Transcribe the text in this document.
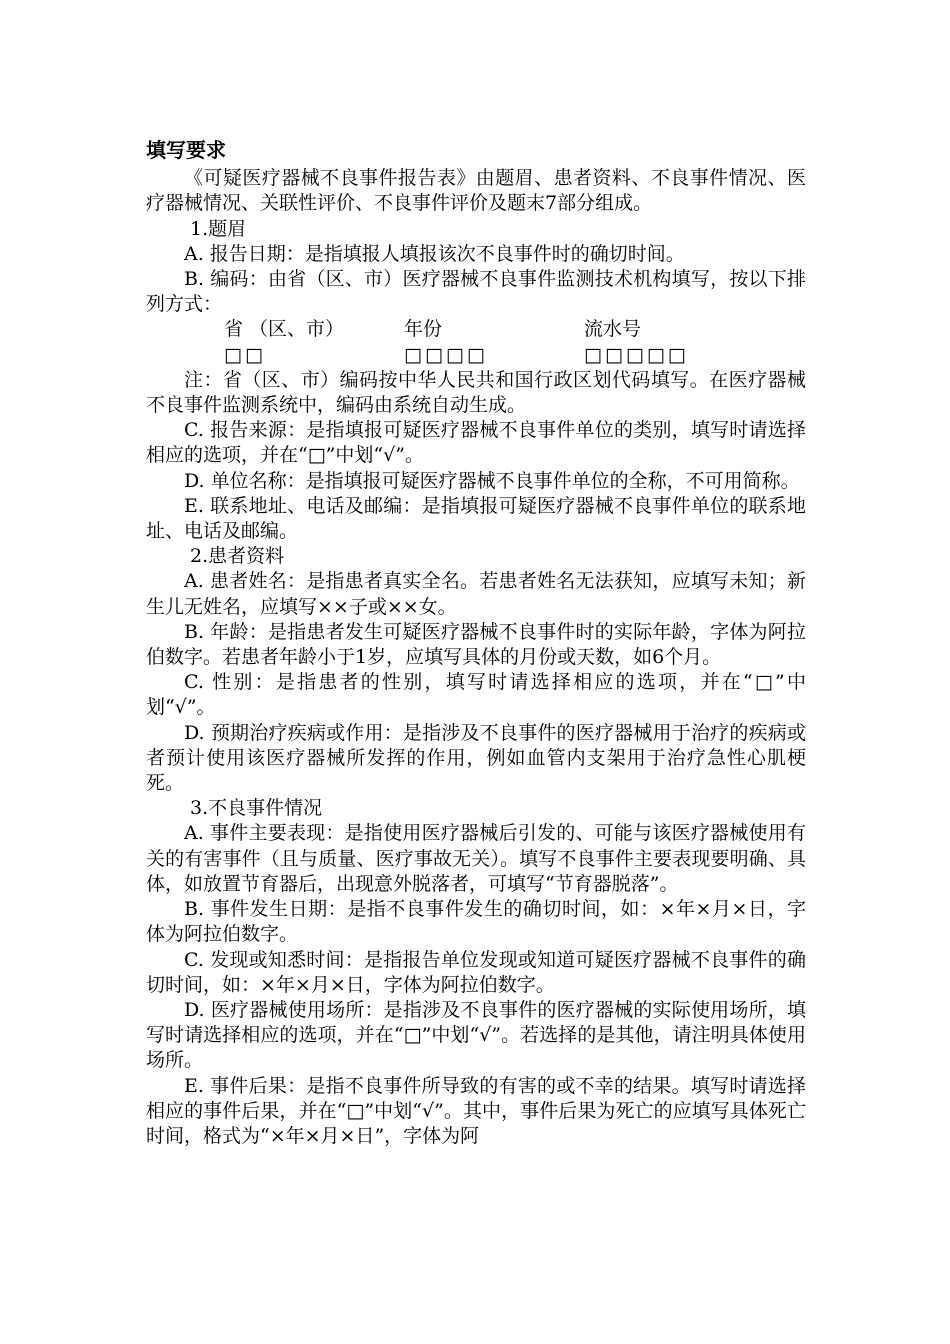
填写要求

《可疑医疗器械不良事件报告表》由题眉、患者资料、不良事件情况、医疗器械情况、关联性评价、不良事件评价及题末7部分组成。

1.题眉

A. 报告日期：是指填报人填报该次不良事件时的确切时间。

B. 编码：由省（区、市）医疗器械不良事件监测技术机构填写，按以下排列方式：

省 （区、市）	年份	流水号
□□	□□□□	□□□□□

注：省（区、市）编码按中华人民共和国行政区划代码填写。在医疗器械不良事件监测系统中，编码由系统自动生成。

C. 报告来源：是指填报可疑医疗器械不良事件单位的类别，填写时请选择相应的选项，并在“□”中划“√”。

D. 单位名称：是指填报可疑医疗器械不良事件单位的全称，不可用简称。

E. 联系地址、电话及邮编：是指填报可疑医疗器械不良事件单位的联系地址、电话及邮编。

2.患者资料

A. 患者姓名：是指患者真实全名。若患者姓名无法获知，应填写未知；新生儿无姓名，应填写××子或××女。

B. 年龄：是指患者发生可疑医疗器械不良事件时的实际年龄，字体为阿拉伯数字。若患者年龄小于1岁，应填写具体的月份或天数，如6个月。

C. 性别：是指患者的性别，填写时请选择相应的选项，并在“□”中划“√”。

D. 预期治疗疾病或作用：是指涉及不良事件的医疗器械用于治疗的疾病或者预计使用该医疗器械所发挥的作用，例如血管内支架用于治疗急性心肌梗死。

3.不良事件情况

A. 事件主要表现：是指使用医疗器械后引发的、可能与该医疗器械使用有关的有害事件（且与质量、医疗事故无关）。填写不良事件主要表现要明确、具体，如放置节育器后，出现意外脱落者，可填写“节育器脱落”。

B. 事件发生日期：是指不良事件发生的确切时间，如：×年×月×日，字体为阿拉伯数字。

C. 发现或知悉时间：是指报告单位发现或知道可疑医疗器械不良事件的确切时间，如：×年×月×日，字体为阿拉伯数字。

D. 医疗器械使用场所：是指涉及不良事件的医疗器械的实际使用场所，填写时请选择相应的选项，并在“□”中划“√”。若选择的是其他，请注明具体使用场所。

E. 事件后果：是指不良事件所导致的有害的或不幸的结果。填写时请选择相应的事件后果，并在“□”中划“√”。其中，事件后果为死亡的应填写具体死亡时间，格式为“×年×月×日”，字体为阿
